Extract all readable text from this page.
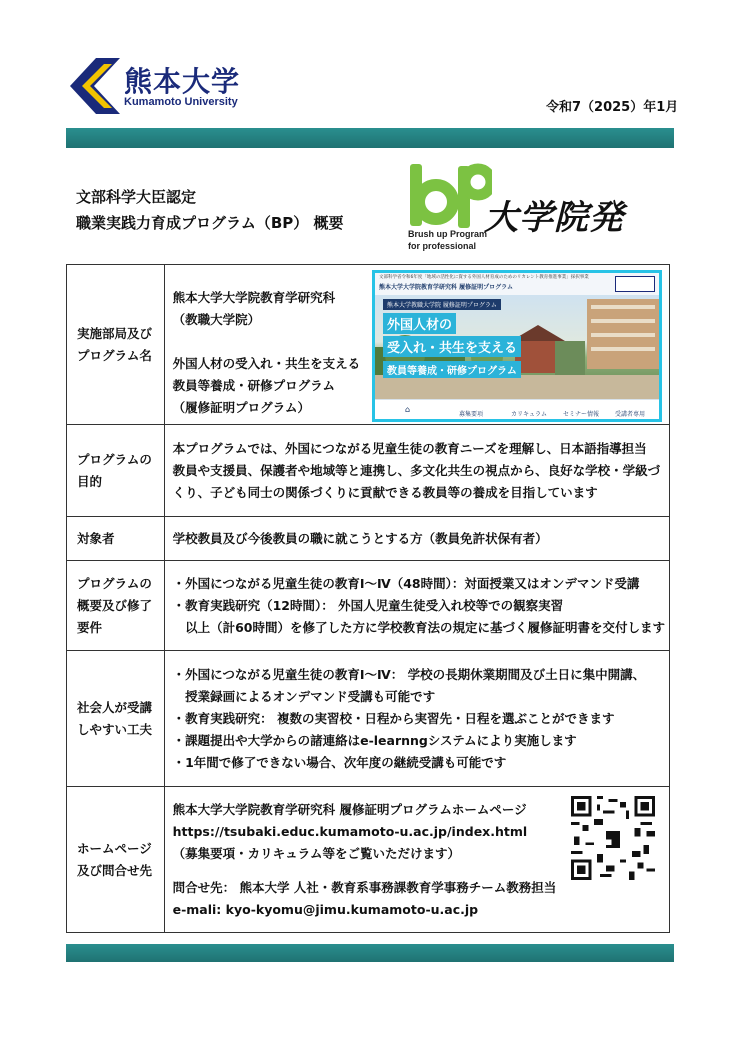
熊本大学
Kumamoto University	令和7（2025）年1月
文部科学大臣認定
職業実践力育成プログラム（BP） 概要
Brush up Program
for professional
大学院発
実施部局及び
プログラム名	熊本大学大学院教育学研究科
（教職大学院）

外国人材の受入れ・共生を支える
教員等養成・研修プログラム
（履修証明プログラム）

プログラムの
目的	本プログラムでは、外国につながる児童生徒の教育ニーズを理解し、日本語指導担当
教員や支援員、保護者や地域等と連携し、多文化共生の視点から、良好な学校・学級づ
くり、子ども同士の関係づくりに貢献できる教員等の養成を目指しています

対象者	学校教員及び今後教員の職に就こうとする方（教員免許状保有者）

プログラムの
概要及び修了
要件	・外国につながる児童生徒の教育Ⅰ～Ⅳ（48時間）：対面授業又はオンデマンド受講
・教育実践研究（12時間）： 外国人児童生徒受入れ校等での観察実習
　以上（計60時間）を修了した方に学校教育法の規定に基づく履修証明書を交付します

社会人が受講
しやすい工夫	・外国につながる児童生徒の教育Ⅰ～Ⅳ： 学校の長期休業期間及び土日に集中開講、
　授業録画によるオンデマンド受講も可能です
・教育実践研究： 複数の実習校・日程から実習先・日程を選ぶことができます
・課題提出や大学からの諸連絡はe-learnngシステムにより実施します
・1年間で修了できない場合、次年度の継続受講も可能です

ホームページ
及び問合せ先	熊本大学大学院教育学研究科 履修証明プログラムホームページ
https://tsubaki.educ.kumamoto-u.ac.jp/index.html
（募集要項・カリキュラム等をご覧いただけます）

問合せ先： 熊本大学 人社・教育系事務課教育学事務チーム教務担当
e-mali: kyo-kyomu@jimu.kumamoto-u.ac.jp
文部科学省令和6年度「地域の活性化に資する外国人材育成のためのリカレント教育推進事業」採択事業
熊本大学大学院教育学研究科 履修証明プログラム
熊本大学教職大学院 履修証明プログラム
外国人材の
受入れ・共生を支える
教員等養成・研修プログラム
⌂
募集要項	カリキュラム	セミナー情報	受講者専用
